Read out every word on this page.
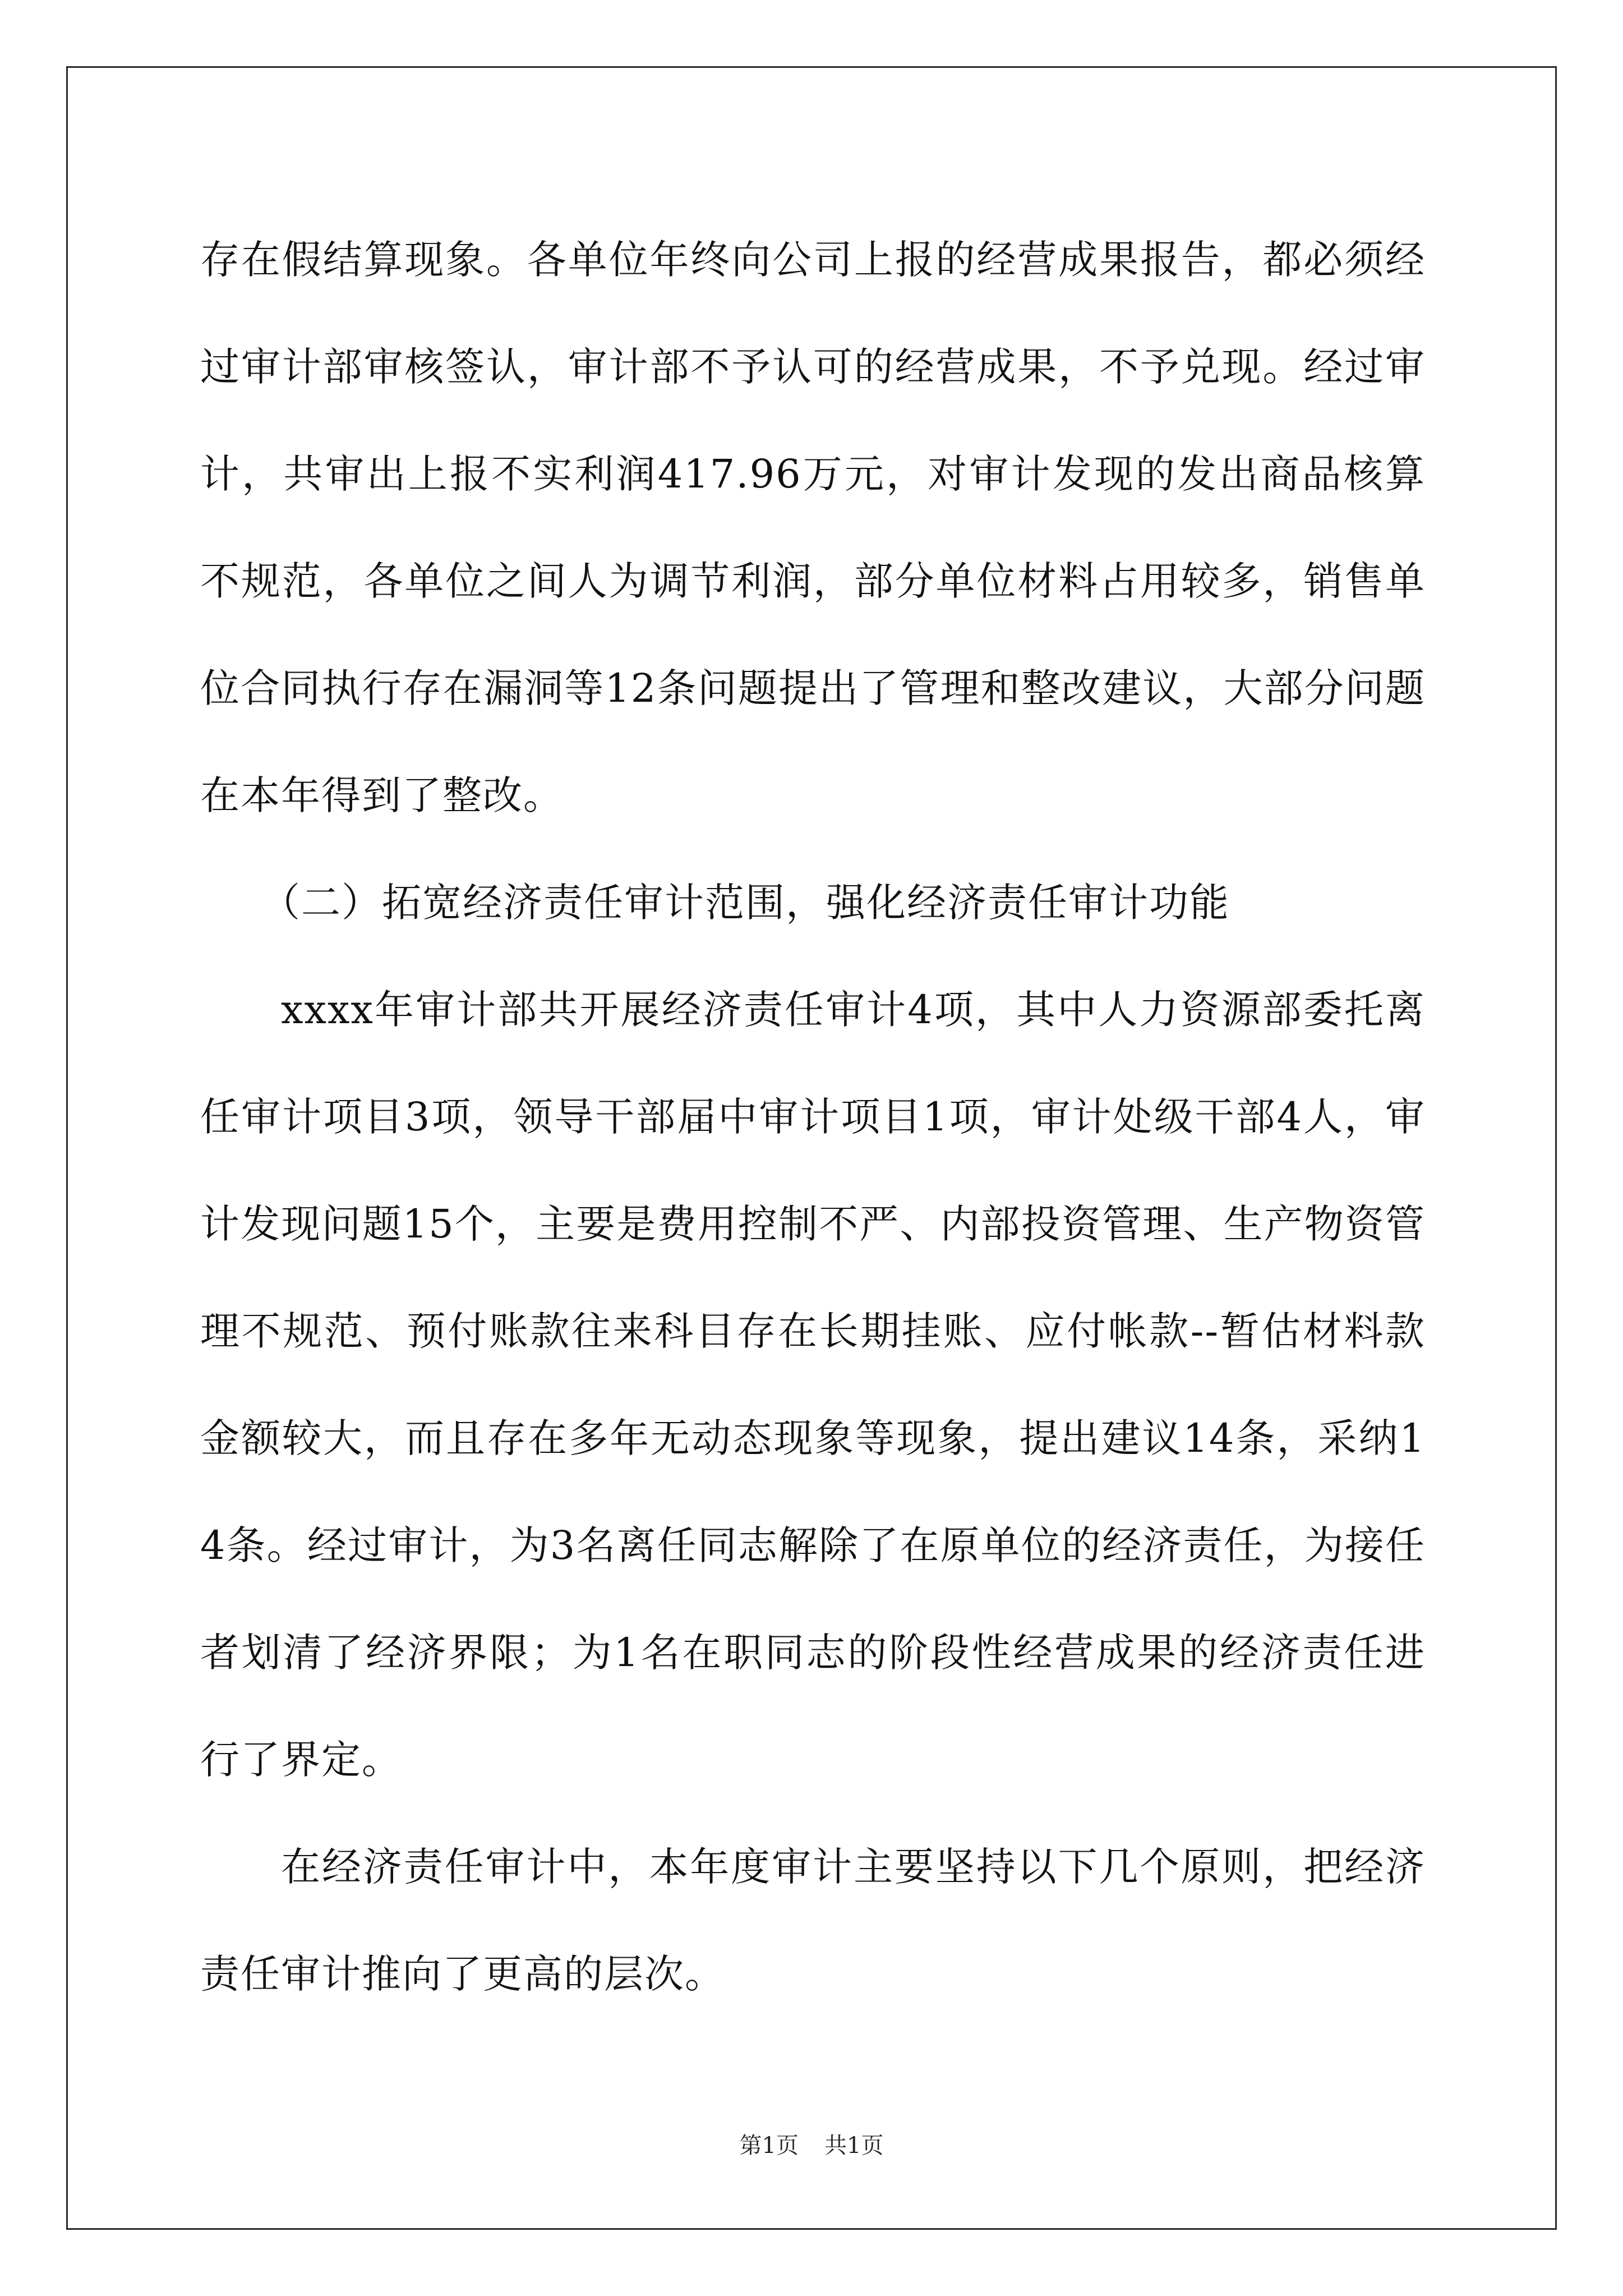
存在假结算现象。各单位年终向公司上报的经营成果报告，都必须经过审计部审核签认，审计部不予认可的经营成果，不予兑现。经过审计，共审出上报不实利润417.96万元，对审计发现的发出商品核算不规范，各单位之间人为调节利润，部分单位材料占用较多，销售单位合同执行存在漏洞等12条问题提出了管理和整改建议，大部分问题在本年得到了整改。

（二）拓宽经济责任审计范围，强化经济责任审计功能

xxxx年审计部共开展经济责任审计4项，其中人力资源部委托离任审计项目3项，领导干部届中审计项目1项，审计处级干部4人，审计发现问题15个，主要是费用控制不严、内部投资管理、生产物资管理不规范、预付账款往来科目存在长期挂账、应付帐款--暂估材料款金额较大，而且存在多年无动态现象等现象，提出建议14条，采纳14条。经过审计，为3名离任同志解除了在原单位的经济责任，为接任者划清了经济界限；为1名在职同志的阶段性经营成果的经济责任进行了界定。

在经济责任审计中，本年度审计主要坚持以下几个原则，把经济责任审计推向了更高的层次。

第1页 共1页
